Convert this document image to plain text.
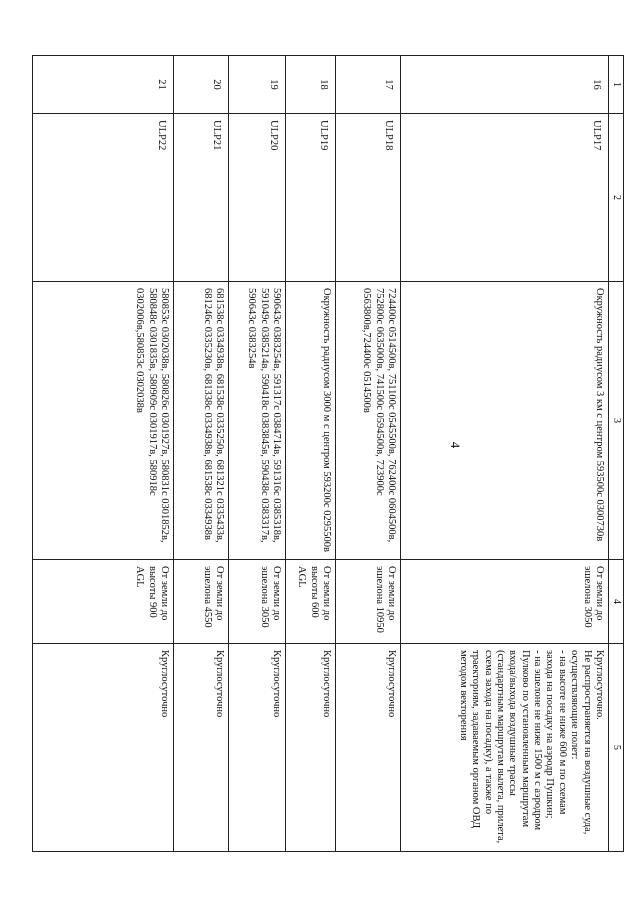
4
1	2	3	4	5
16	ULP17	Окружность радиусом 3 км с центром 593500с 0300730в	От земли до эшелона 3050	Круглосуточно.
Не распространяется на воздушные суда, осуществляющие полет:
- на высоте не ниже 600 м по схемам захода на посадку на аэродр Пушкин;
- на эшелоне не ниже 1500 м с аэродром Пулково по установленным маршрутам входа/выхода воздушные трассы (стандартным маршрутам вылета, прилета, схема захода на посадку), а также по траекториям, задаваемым органом ОВД методом векторения

17	ULP18	724400с 0514500в, 751100с 0545500в, 762400с 0604500в, 752800с 0635000в, 741500с 0594500в, 723900с 0563800в,724400с 0514500в	От земли до эшелона 10950	Круглосуточно
18	ULP19	Окружность радиусом 3000 м с центром 593200с 0295500в	От земли до высоты 600 AGL	Круглосуточно
19	ULP20	590643с 0383254в, 591317с 0384714в, 591316с 0385318в, 591049с 0385214в, 590418с 0383845в, 590438с 0383317в, 590643с 0383254в	От земли до эшелона 3050	Круглосуточно
20	ULP21	681538с 0334938в, 681538с 0335250в, 681321с 0335433в, 681246с 0335230в, 681338с 0334938в, 681538с 0334938в	От земли до эшелона 4550	Круглосуточно
21	ULP22	580853с 0302038в, 580826с 0301927в, 580831с 0301852в, 580848с 0301835в, 580909с 0301917в, 580918с 0302006в,580853с 0302038в	От земли до высоты 900 AGL	Круглосуточно
